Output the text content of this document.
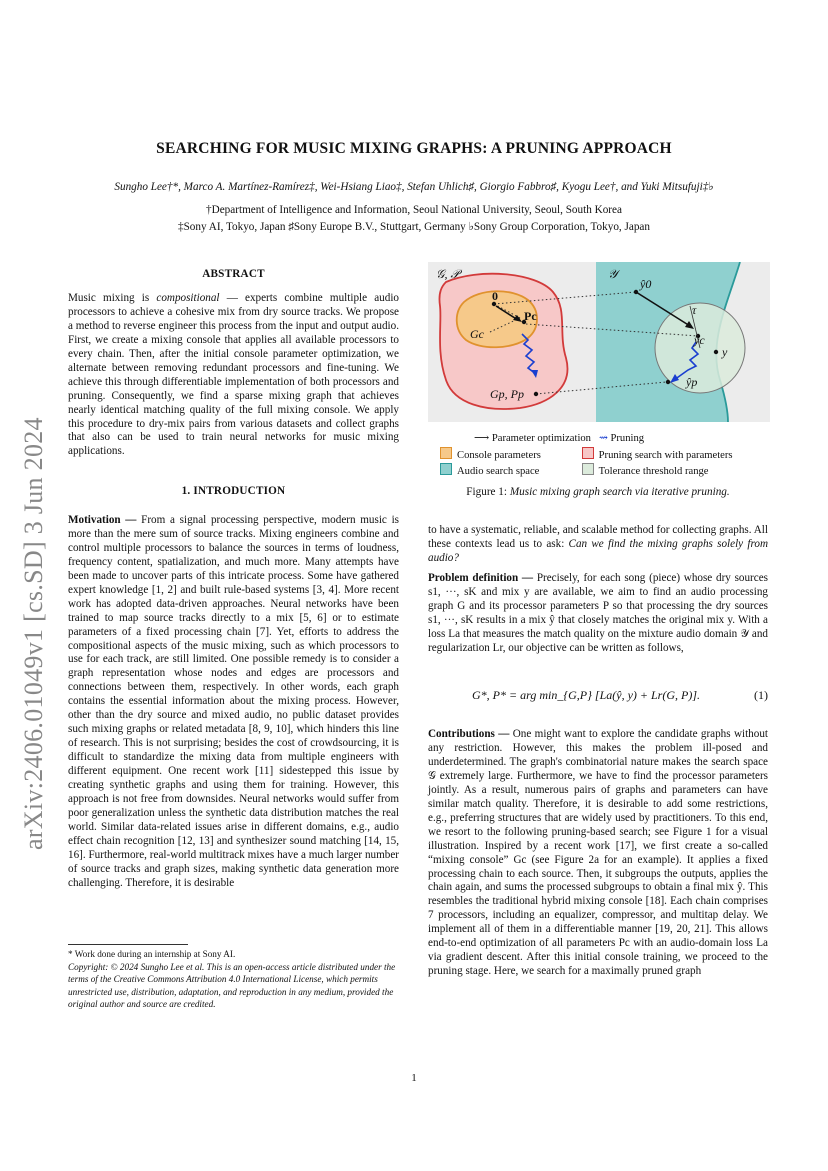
arXiv:2406.01049v1 [cs.SD] 3 Jun 2024
SEARCHING FOR MUSIC MIXING GRAPHS: A PRUNING APPROACH
Sungho Lee†*, Marco A. Martínez-Ramírez‡, Wei-Hsiang Liao‡, Stefan Uhlich♯, Giorgio Fabbro♯, Kyogu Lee†, and Yuki Mitsufuji‡♭
†Department of Intelligence and Information, Seoul National University, Seoul, South Korea
‡Sony AI, Tokyo, Japan ♯Sony Europe B.V., Stuttgart, Germany ♭Sony Group Corporation, Tokyo, Japan
ABSTRACT

Music mixing is compositional — experts combine multiple audio processors to achieve a cohesive mix from dry source tracks. We propose a method to reverse engineer this process from the input and output audio. First, we create a mixing console that applies all available processors to every chain. Then, after the initial console parameter optimization, we alternate between removing redundant processors and fine-tuning. We achieve this through differentiable implementation of both processors and pruning. Consequently, we find a sparse mixing graph that achieves nearly identical matching quality of the full mixing console. We apply this procedure to dry-mix pairs from various datasets and collect graphs that also can be used to train neural networks for music mixing applications.

1. INTRODUCTION

Motivation — From a signal processing perspective, modern music is more than the mere sum of source tracks. Mixing engineers combine and control multiple processors to balance the sources in terms of loudness, frequency content, spatialization, and much more. Many attempts have been made to uncover parts of this intricate process. Some have gathered expert knowledge [1, 2] and built rule-based systems [3, 4]. More recent work has adopted data-driven approaches. Neural networks have been trained to map source tracks directly to a mix [5, 6] or to estimate parameters of a fixed processing chain [7]. Yet, efforts to address the compositional aspects of the music mixing, such as which processors to use for each track, are still limited. One possible remedy is to consider a graph representation whose nodes and edges are processors and connections between them, respectively. In other words, each graph contains the essential information about the mixing process. However, other than the dry source and mixed audio, no public dataset provides such mixing graphs or related metadata [8, 9, 10], which hinders this line of research. This is not surprising; besides the cost of crowdsourcing, it is difficult to standardize the mixing data from multiple engineers with different equipment. One recent work [11] sidestepped this issue by creating synthetic graphs and using them for training. However, this approach is not free from downsides. Neural networks would suffer from poor generalization unless the synthetic data distribution matches the real world. Similar data-related issues arise in different domains, e.g., audio effect chain recognition [12, 13] and synthesizer sound matching [14, 15, 16]. Furthermore, real-world multitrack mixes have a much larger number of source tracks and graph sizes, making synthetic data generation more challenging. Therefore, it is desirable

* Work done during an internship at Sony AI.
Copyright: © 2024 Sungho Lee et al. This is an open-access article distributed under the terms of the Creative Commons Attribution 4.0 International License, which permits unrestricted use, distribution, adaptation, and reproduction in any medium, provided the original author and source are credited.
𝒢, 𝒫	𝒴
0
Pc
Gc
Gp, Pp
ŷ0
τ
ŷc
y
ŷp
⟶ Parameter optimization ⇝ Pruning
Console parameters	Pruning search with parameters
Audio search space	Tolerance threshold range
Figure 1: Music mixing graph search via iterative pruning.

to have a systematic, reliable, and scalable method for collecting graphs. All these contexts lead us to ask: Can we find the mixing graphs solely from audio?

Problem definition — Precisely, for each song (piece) whose dry sources s1, ···, sK and mix y are available, we aim to find an audio processing graph G and its processor parameters P so that processing the dry sources s1, ···, sK results in a mix ŷ that closely matches the original mix y. With a loss La that measures the match quality on the mixture audio domain 𝒴 and regularization Lr, our objective can be written as follows,

G*, P* = arg min_{G,P} [La(ŷ, y) + Lr(G, P)].	(1)

Contributions — One might want to explore the candidate graphs without any restriction. However, this makes the problem ill-posed and underdetermined. The graph's combinatorial nature makes the search space 𝒢 extremely large. Furthermore, we have to find the processor parameters jointly. As a result, numerous pairs of graphs and parameters can have similar match quality. Therefore, it is desirable to add some restrictions, e.g., preferring structures that are widely used by practitioners. To this end, we resort to the following pruning-based search; see Figure 1 for a visual illustration. Inspired by a recent work [17], we first create a so-called “mixing console” Gc (see Figure 2a for an example). It applies a fixed processing chain to each source. Then, it subgroups the outputs, applies the chain again, and sums the processed subgroups to obtain a final mix ŷ. This resembles the traditional hybrid mixing console [18]. Each chain comprises 7 processors, including an equalizer, compressor, and multitap delay. We implement all of them in a differentiable manner [19, 20, 21]. This allows end-to-end optimization of all parameters Pc with an audio-domain loss La via gradient descent. After this initial console training, we proceed to the pruning stage. Here, we search for a maximally pruned graph

1
